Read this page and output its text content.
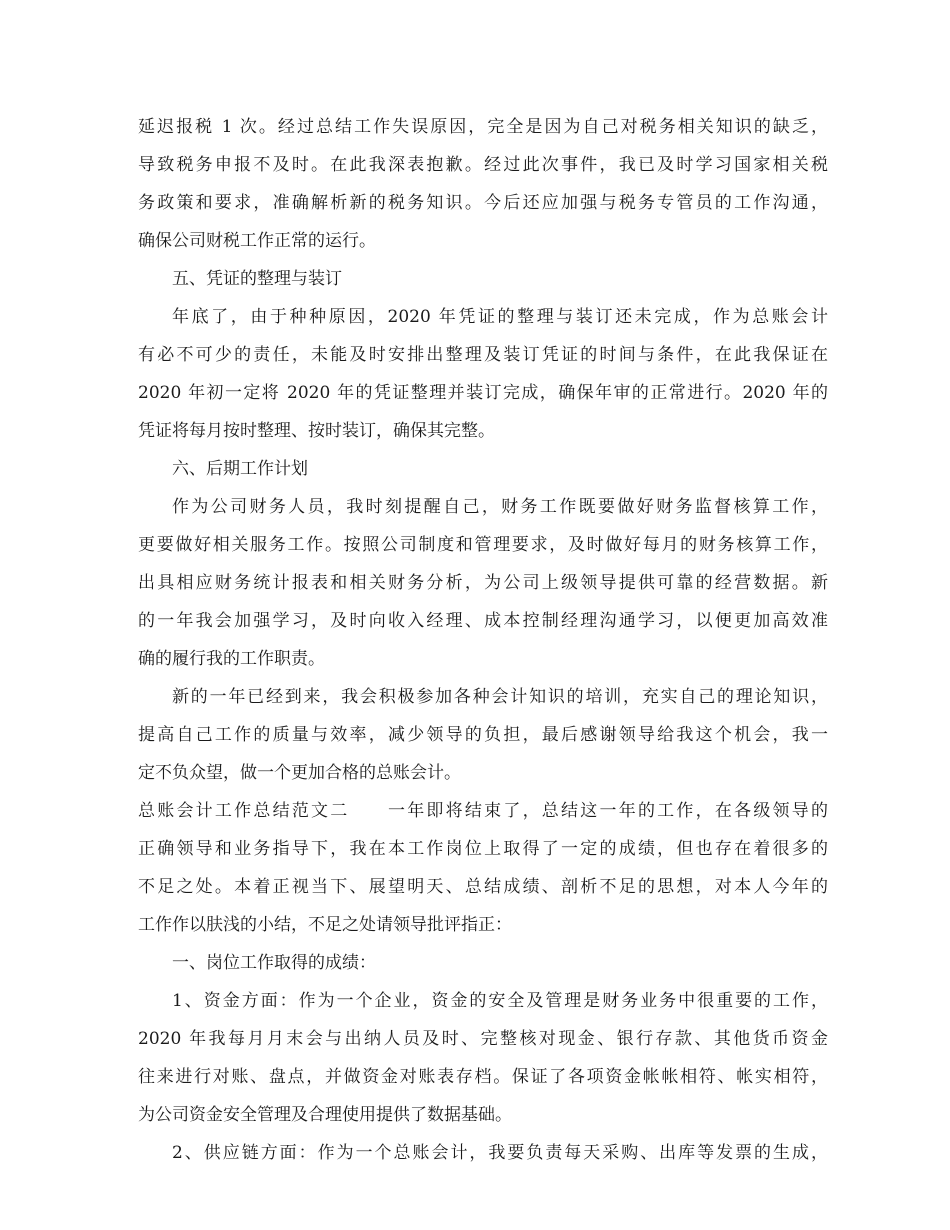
延迟报税 1 次。经过总结工作失误原因，完全是因为自己对税务相关知识的缺乏，
导致税务申报不及时。在此我深表抱歉。经过此次事件，我已及时学习国家相关税
务政策和要求，准确解析新的税务知识。今后还应加强与税务专管员的工作沟通，
确保公司财税工作正常的运行。
五、凭证的整理与装订
年底了，由于种种原因，2020 年凭证的整理与装订还未完成，作为总账会计
有必不可少的责任，未能及时安排出整理及装订凭证的时间与条件，在此我保证在
2020 年初一定将 2020 年的凭证整理并装订完成，确保年审的正常进行。2020 年的
凭证将每月按时整理、按时装订，确保其完整。
六、后期工作计划
作为公司财务人员，我时刻提醒自己，财务工作既要做好财务监督核算工作，
更要做好相关服务工作。按照公司制度和管理要求，及时做好每月的财务核算工作，
出具相应财务统计报表和相关财务分析，为公司上级领导提供可靠的经营数据。新
的一年我会加强学习，及时向收入经理、成本控制经理沟通学习，以便更加高效准
确的履行我的工作职责。
新的一年已经到来，我会积极参加各种会计知识的培训，充实自己的理论知识，
提高自己工作的质量与效率，减少领导的负担，最后感谢领导给我这个机会，我一
定不负众望，做一个更加合格的总账会计。
总账会计工作总结范文二　　一年即将结束了，总结这一年的工作，在各级领导的
正确领导和业务指导下，我在本工作岗位上取得了一定的成绩，但也存在着很多的
不足之处。本着正视当下、展望明天、总结成绩、剖析不足的思想，对本人今年的
工作作以肤浅的小结，不足之处请领导批评指正：
一、岗位工作取得的成绩：
1、资金方面：作为一个企业，资金的安全及管理是财务业务中很重要的工作，
2020 年我每月月末会与出纳人员及时、完整核对现金、银行存款、其他货币资金
往来进行对账、盘点，并做资金对账表存档。保证了各项资金帐帐相符、帐实相符，
为公司资金安全管理及合理使用提供了数据基础。
2、供应链方面：作为一个总账会计，我要负责每天采购、出库等发票的生成，
